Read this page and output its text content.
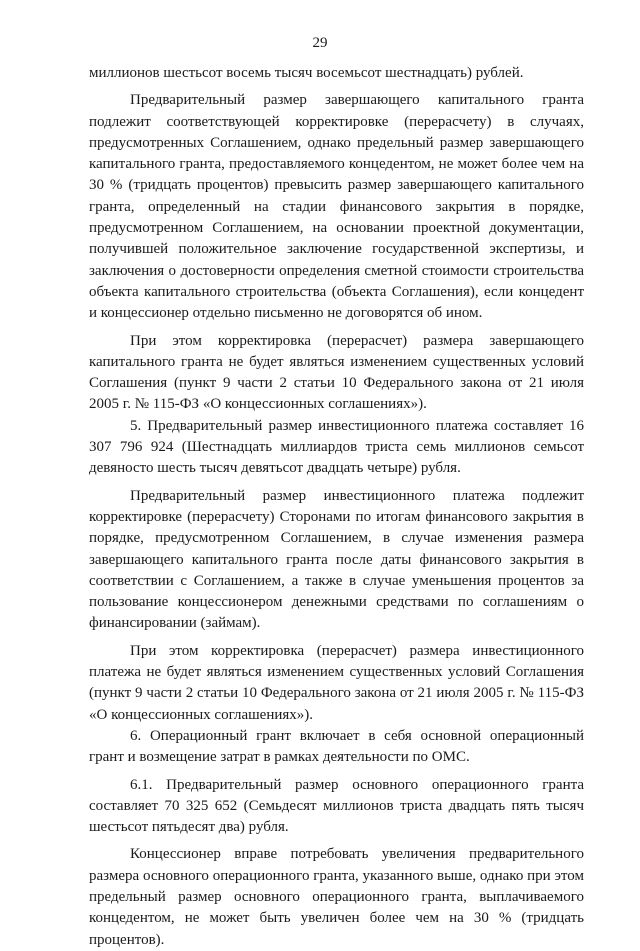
29

миллионов шестьсот восемь тысяч восемьсот шестнадцать) рублей.

Предварительный размер завершающего капитального гранта подлежит соответствующей корректировке (перерасчету) в случаях, предусмотренных Соглашением, однако предельный размер завершающего капитального гранта, предоставляемого концедентом, не может более чем на 30 % (тридцать процентов) превысить размер завершающего капитального гранта, определенный на стадии финансового закрытия в порядке, предусмотренном Соглашением, на основании проектной документации, получившей положительное заключение государственной экспертизы, и заключения о достоверности определения сметной стоимости строительства объекта капитального строительства (объекта Соглашения), если концедент и концессионер отдельно письменно не договорятся об ином.

При этом корректировка (перерасчет) размера завершающего капитального гранта не будет являться изменением существенных условий Соглашения (пункт 9 части 2 статьи 10 Федерального закона от 21 июля 2005 г. № 115-ФЗ «О концессионных соглашениях»).

5. Предварительный размер инвестиционного платежа составляет 16 307 796 924 (Шестнадцать миллиардов триста семь миллионов семьсот девяносто шесть тысяч девятьсот двадцать четыре) рубля.

Предварительный размер инвестиционного платежа подлежит корректировке (перерасчету) Сторонами по итогам финансового закрытия в порядке, предусмотренном Соглашением, в случае изменения размера завершающего капитального гранта после даты финансового закрытия в соответствии с Соглашением, а также в случае уменьшения процентов за пользование концессионером денежными средствами по соглашениям о финансировании (займам).

При этом корректировка (перерасчет) размера инвестиционного платежа не будет являться изменением существенных условий Соглашения (пункт 9 части 2 статьи 10 Федерального закона от 21 июля 2005 г. № 115-ФЗ «О концессионных соглашениях»).

6. Операционный грант включает в себя основной операционный грант и возмещение затрат в рамках деятельности по ОМС.

6.1. Предварительный размер основного операционного гранта составляет 70 325 652 (Семьдесят миллионов триста двадцать пять тысяч шестьсот пятьдесят два) рубля.

Концессионер вправе потребовать увеличения предварительного размера основного операционного гранта, указанного выше, однако при этом предельный размер основного операционного гранта, выплачиваемого концедентом, не может быть увеличен более чем на 30 % (тридцать процентов).
